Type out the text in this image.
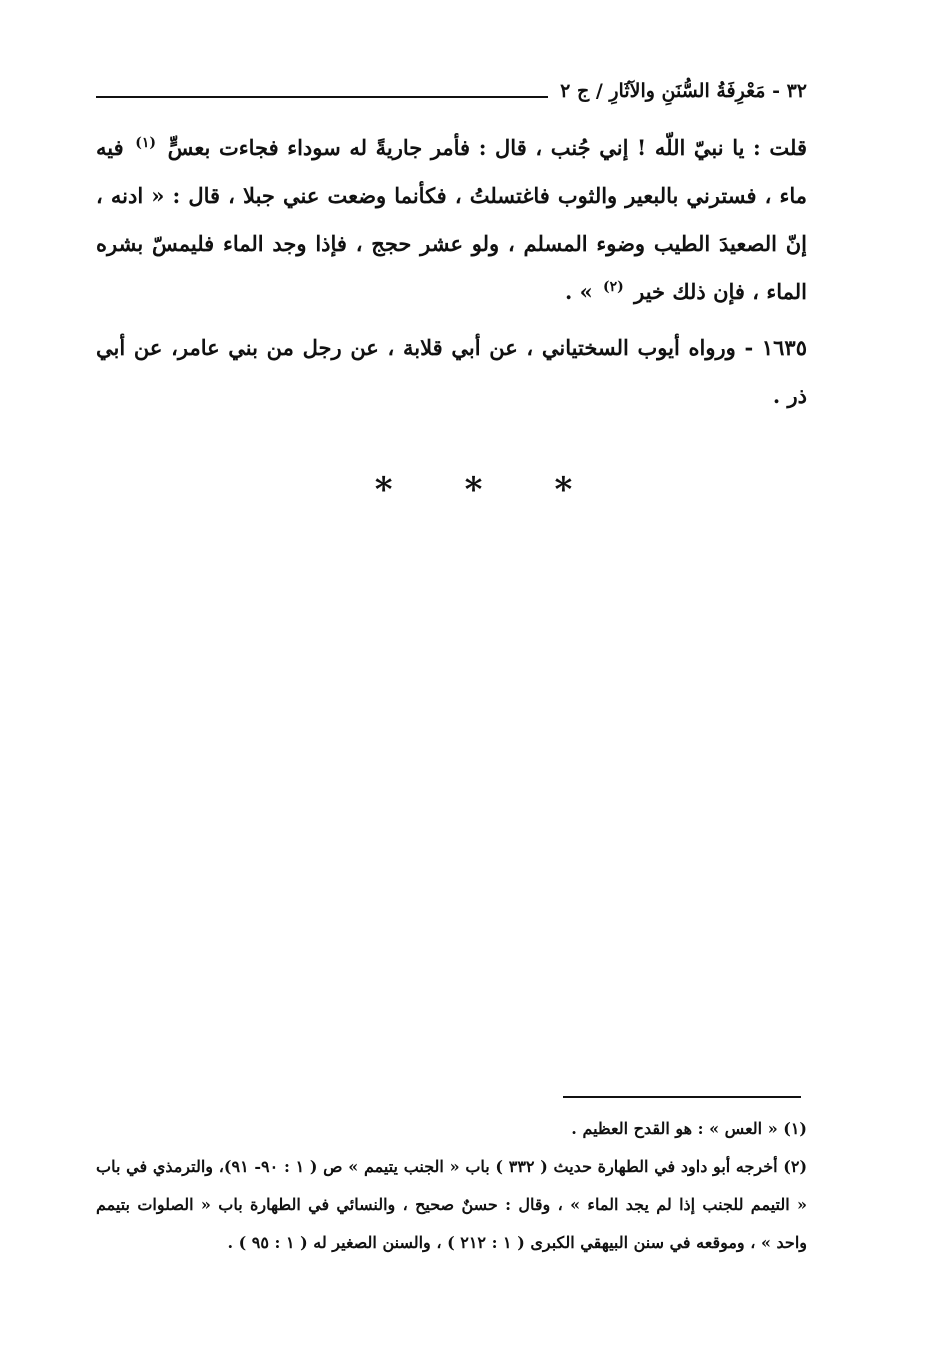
٣٢ - مَعْرِفَةُ السُّنَنِ والآثَارِ / ج ٢

قلت : يا نبيّ اللّه ! إني جُنب ، قال : فأمر جاريةً له سوداء فجاءت بعسٍّ $^{(١)}$ فيه ماء ، فسترني بالبعير والثوب فاغتسلتُ ، فكأنما وضعت عني جبلا ، قال : « ادنه ، إنّ الصعيدَ الطيب وضوء المسلم ، ولو عشر حجج ، فإذا وجد الماء فليمسّ بشره الماء ، فإن ذلك خير $^{(٢)}$ » .

١٦٣٥ - ورواه أيوب السختياني ، عن أبي قلابة ، عن رجل من بني عامر، عن أبي ذر .

* * *

(١) « العس » : هو القدح العظيم .

(٢) أخرجه أبو داود في الطهارة حديث ( ٣٣٢ ) باب « الجنب يتيمم » ص ( ١ : ٩٠- ٩١)، والترمذي في باب « التيمم للجنب إذا لم يجد الماء » ، وقال : حسنٌ صحيح ، والنسائي في الطهارة باب « الصلوات بتيمم واحد » ، وموقعه في سنن البيهقي الكبرى ( ١ : ٢١٢ ) ، والسنن الصغير له ( ١ : ٩٥ ) .
